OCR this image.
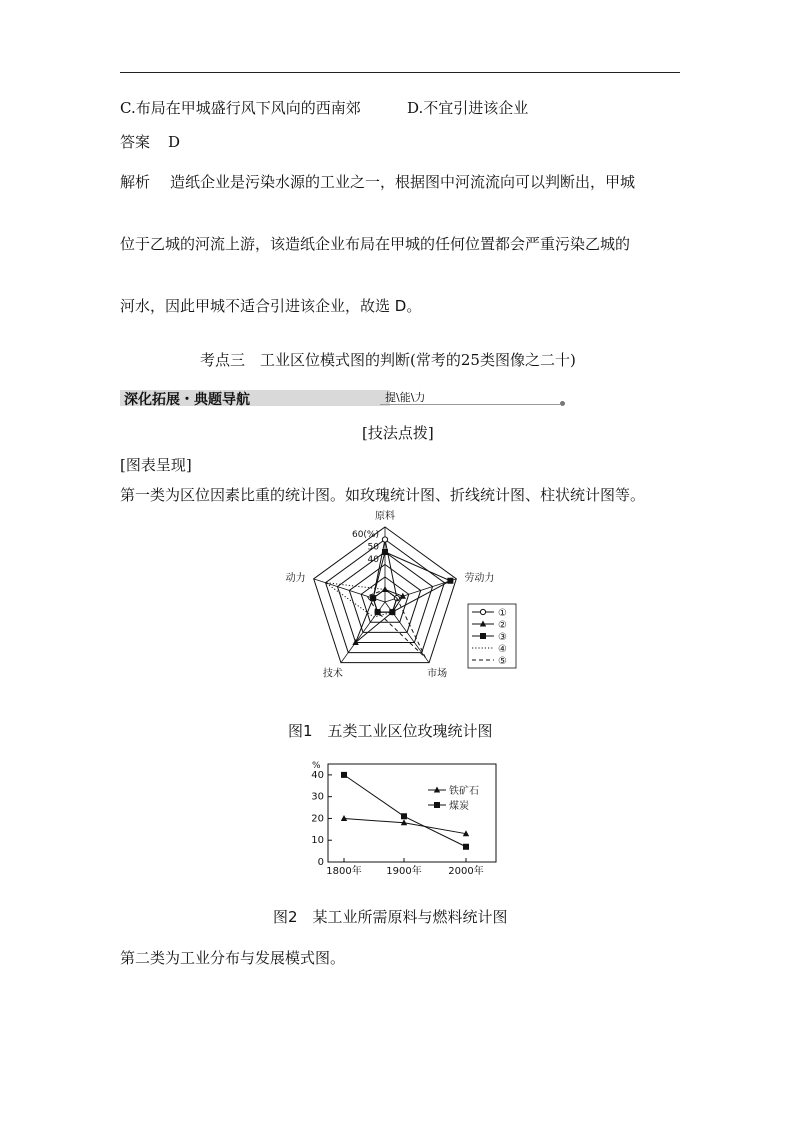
C.布局在甲城盛行风下风向的西南郊	D.不宜引进该企业
答案 D
解析 造纸企业是污染水源的工业之一，根据图中河流流向可以判断出，甲城
位于乙城的河流上游，该造纸企业布局在甲城的任何位置都会严重污染乙城的
河水，因此甲城不适合引进该企业，故选 D。
考点三　工业区位模式图的判断(常考的25类图像之二十)
深化拓展・典题导航	提\能\力
[技法点拨]
[图表呈现]
第一类为区位因素比重的统计图。如玫瑰统计图、折线统计图、柱状统计图等。
60(%)
50
40
原料
劳动力
市场
技术
动力
①
②
③
④
⑤
图1　五类工业区位玫瑰统计图
%
0
10
20
30
40
1800年 1900年	2000年
铁矿石
煤炭
图2　某工业所需原料与燃料统计图
第二类为工业分布与发展模式图。
